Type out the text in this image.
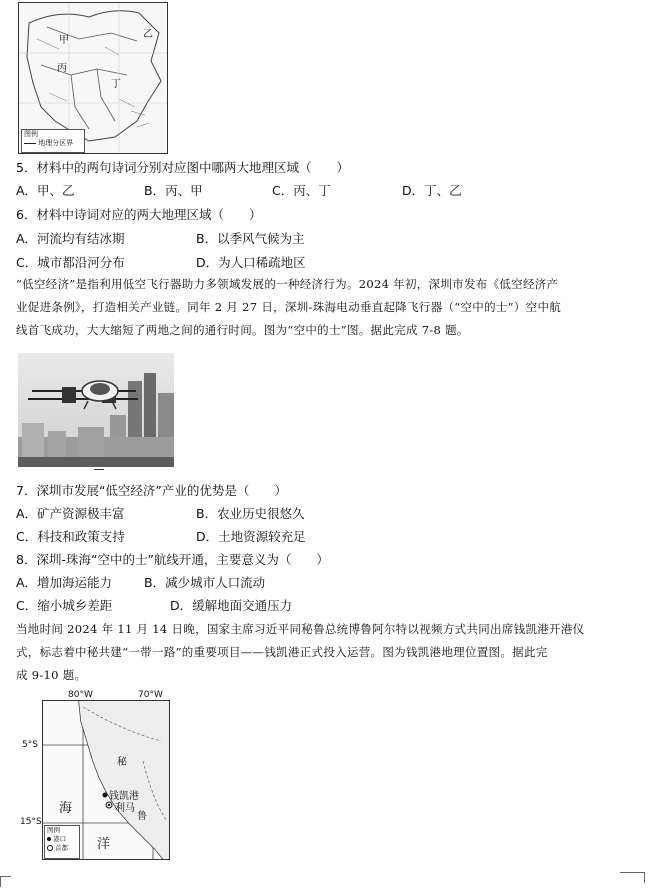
甲
乙
丙
丁
图例
地理分区界
5．材料中的两句诗词分别对应图中哪两大地理区域（　　）
A．甲、乙	B．丙、甲	C．丙、丁	D．丁、乙
6．材料中诗词对应的两大地理区域（　　）
A．河流均有结冰期	B．以季风气候为主
C．城市都沿河分布	D．为人口稀疏地区
“低空经济”是指利用低空飞行器助力多领域发展的一种经济行为。2024 年初，深圳市发布《低空经济产
业促进条例》，打造相关产业链。同年 2 月 27 日，深圳-珠海电动垂直起降飞行器（“空中的士”）空中航
线首飞成功，大大缩短了两地之间的通行时间。图为“空中的士”图。据此完成 7-8 题。
7．深圳市发展“低空经济”产业的优势是（　　）
A．矿产资源极丰富	B．农业历史很悠久
C．科技和政策支持	D．土地资源较充足
8．深圳-珠海“空中的士”航线开通，主要意义为（　　）
A．增加海运能力	B．减少城市人口流动
C．缩小城乡差距	D．缓解地面交通压力
当地时间 2024 年 11 月 14 日晚，国家主席习近平同秘鲁总统博鲁阿尔特以视频方式共同出席钱凯港开港仪
式，标志着中秘共建“一带一路”的重要项目——钱凯港正式投入运营。图为钱凯港地理位置图。据此完
成 9-10 题。
80°W	70°W
5°S
15°S
秘
鲁
钱凯港
利马
海
洋
图例
港口
首都
